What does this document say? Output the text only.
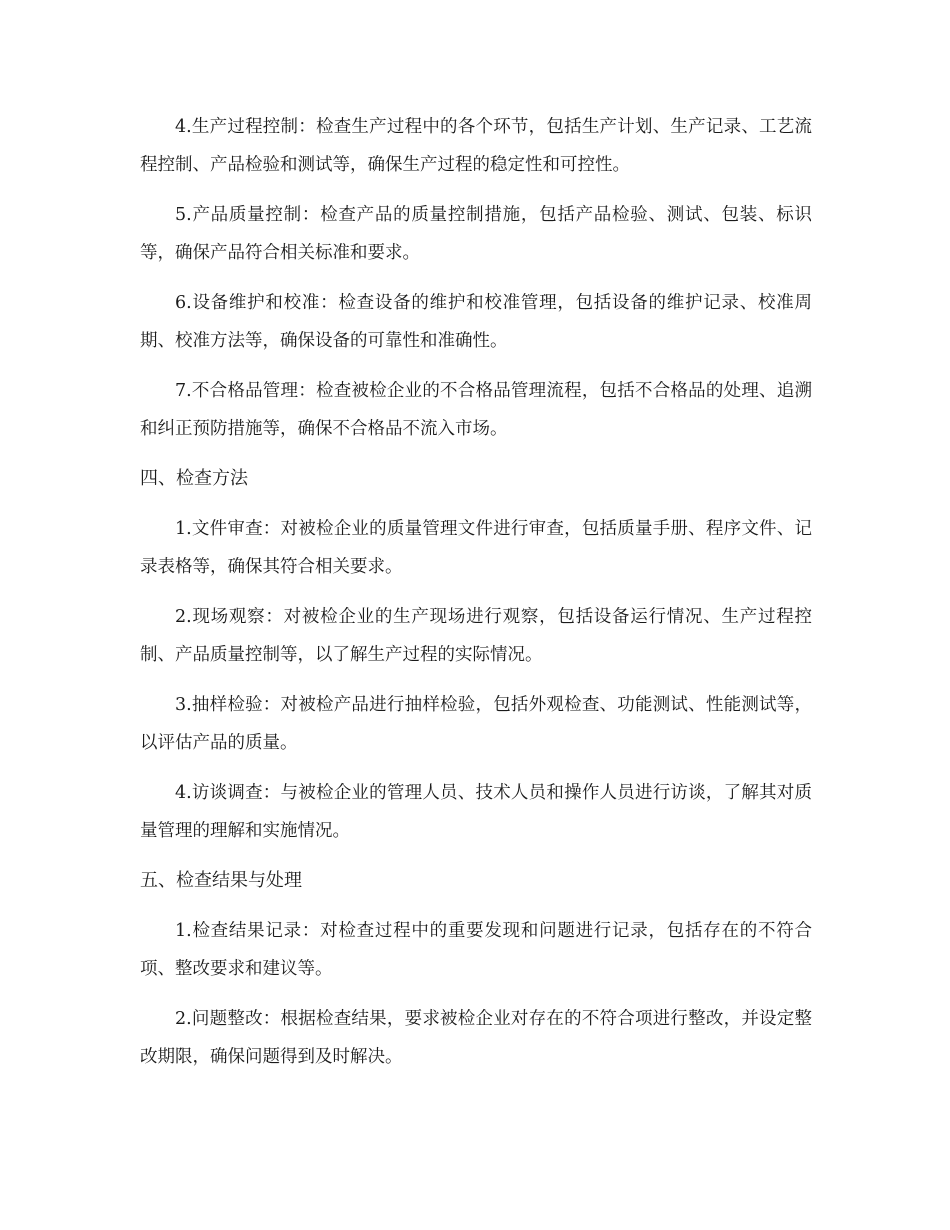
4.生产过程控制：检查生产过程中的各个环节，包括生产计划、生产记录、工艺流程控制、产品检验和测试等，确保生产过程的稳定性和可控性。

5.产品质量控制：检查产品的质量控制措施，包括产品检验、测试、包装、标识等，确保产品符合相关标准和要求。

6.设备维护和校准：检查设备的维护和校准管理，包括设备的维护记录、校准周期、校准方法等，确保设备的可靠性和准确性。

7.不合格品管理：检查被检企业的不合格品管理流程，包括不合格品的处理、追溯和纠正预防措施等，确保不合格品不流入市场。

四、检查方法

1.文件审查：对被检企业的质量管理文件进行审查，包括质量手册、程序文件、记录表格等，确保其符合相关要求。

2.现场观察：对被检企业的生产现场进行观察，包括设备运行情况、生产过程控制、产品质量控制等，以了解生产过程的实际情况。

3.抽样检验：对被检产品进行抽样检验，包括外观检查、功能测试、性能测试等，以评估产品的质量。

4.访谈调查：与被检企业的管理人员、技术人员和操作人员进行访谈，了解其对质量管理的理解和实施情况。

五、检查结果与处理

1.检查结果记录：对检查过程中的重要发现和问题进行记录，包括存在的不符合项、整改要求和建议等。

2.问题整改：根据检查结果，要求被检企业对存在的不符合项进行整改，并设定整改期限，确保问题得到及时解决。
